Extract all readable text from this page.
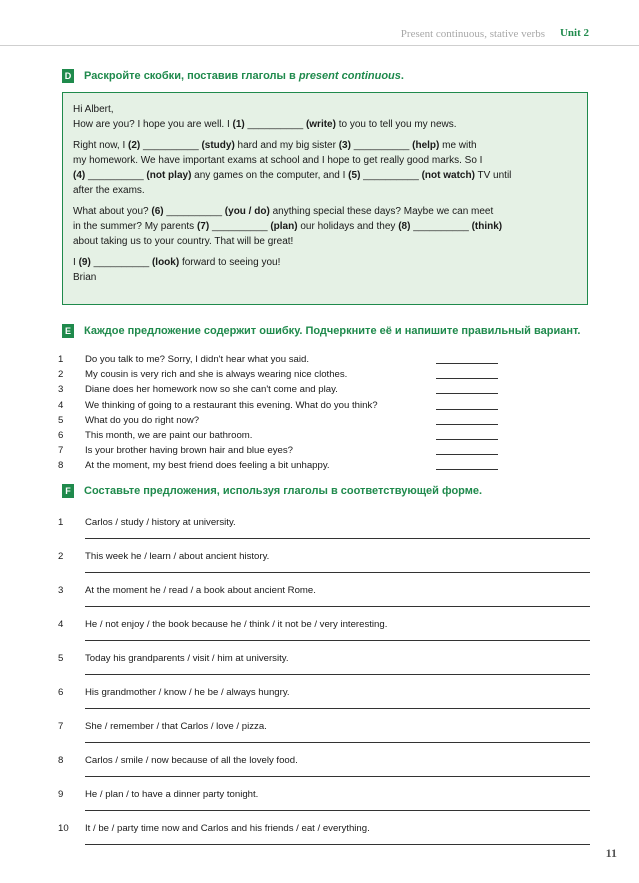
Present continuous, stative verbs Unit 2
D Раскройте скобки, поставив глаголы в present continuous.

Hi Albert,

How are you? I hope you are well. I (1) __________ (write) to you to tell you my news.

Right now, I (2) __________ (study) hard and my big sister (3) __________ (help) me with
my homework. We have important exams at school and I hope to get really good marks. So I
(4) __________ (not play) any games on the computer, and I (5) __________ (not watch) TV until
after the exams.

What about you? (6) __________ (you / do) anything special these days? Maybe we can meet
in the summer? My parents (7) __________ (plan) our holidays and they (8) __________ (think)
about taking us to your country. That will be great!

I (9) __________ (look) forward to seeing you!

Brian

E Каждое предложение содержит ошибку. Подчеркните её и напишите правильный вариант.
1	Do you talk to me? Sorry, I didn't hear what you said.
2	My cousin is very rich and she is always wearing nice clothes.
3	Diane does her homework now so she can't come and play.
4	We thinking of going to a restaurant this evening. What do you think?
5	What do you do right now?
6	This month, we are paint our bathroom.
7	Is your brother having brown hair and blue eyes?
8	At the moment, my best friend does feeling a bit unhappy.
F Составьте предложения, используя глаголы в соответствующей форме.
1 Carlos / study / history at university.
2 This week he / learn / about ancient history.
3 At the moment he / read / a book about ancient Rome.
4 He / not enjoy / the book because he / think / it not be / very interesting.
5 Today his grandparents / visit / him at university.
6 His grandmother / know / he be / always hungry.
7 She / remember / that Carlos / love / pizza.
8 Carlos / smile / now because of all the lovely food.
9 He / plan / to have a dinner party tonight.
10 It / be / party time now and Carlos and his friends / eat / everything.
11
